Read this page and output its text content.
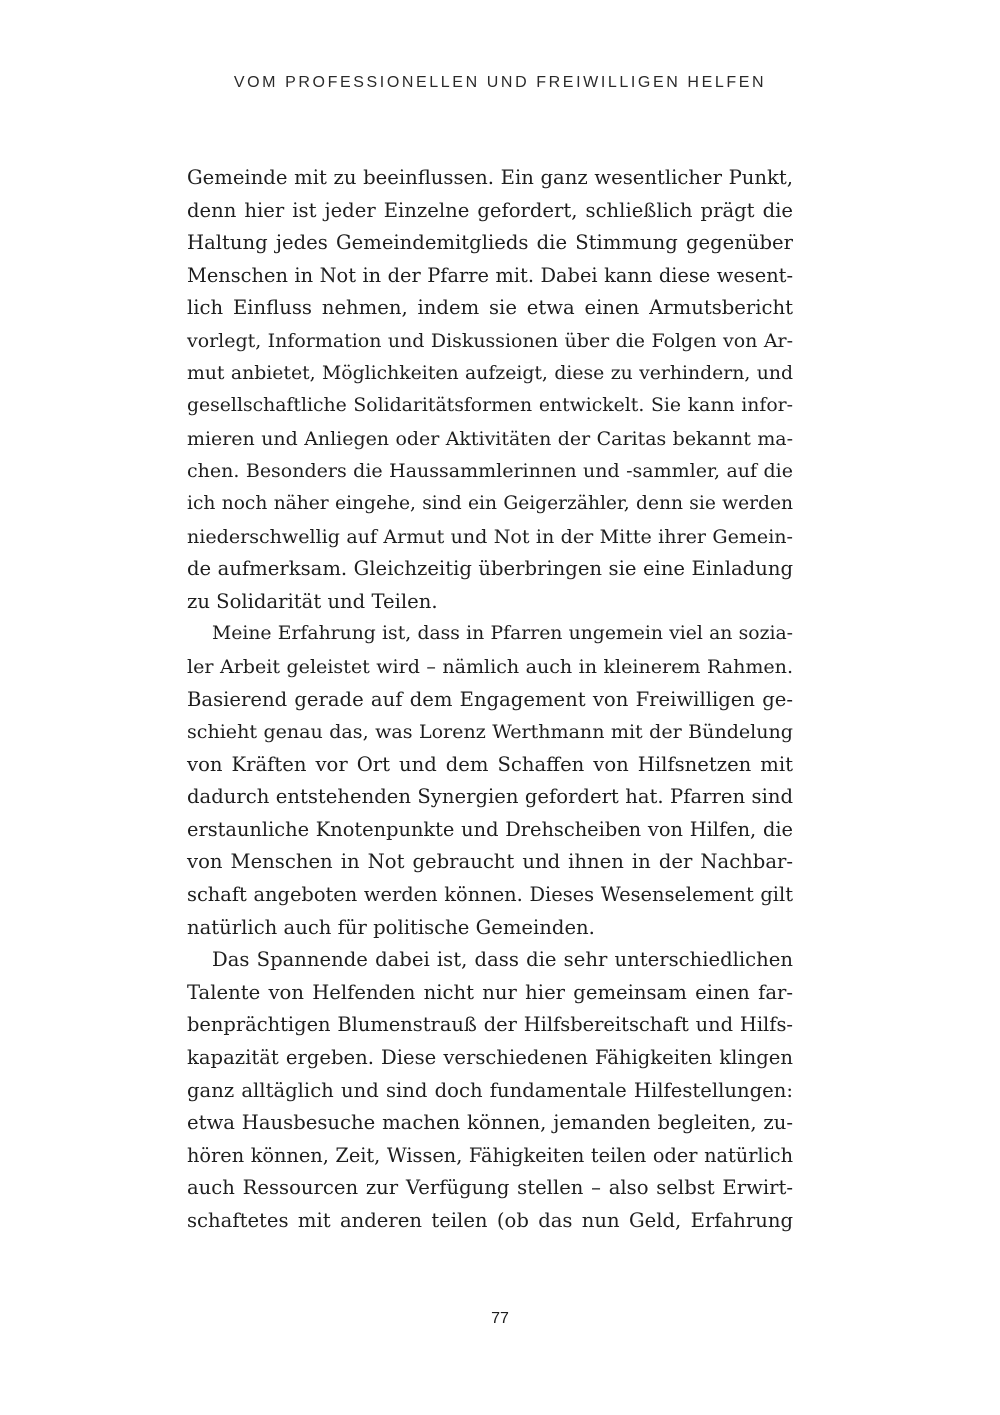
VOM PROFESSIONELLEN UND FREIWILLIGEN HELFEN
Gemeinde mit zu beeinflussen. Ein ganz wesentlicher Punkt,
denn hier ist jeder Einzelne gefordert, schließlich prägt die
Haltung jedes Gemeindemitglieds die Stimmung gegenüber
Menschen in Not in der Pfarre mit. Dabei kann diese wesent-
lich Einfluss nehmen, indem sie etwa einen Armutsbericht
vorlegt, Information und Diskussionen über die Folgen von Ar-
mut anbietet, Möglichkeiten aufzeigt, diese zu verhindern, und
gesellschaftliche Solidaritätsformen entwickelt. Sie kann infor-
mieren und Anliegen oder Aktivitäten der Caritas bekannt ma-
chen. Besonders die Haussammlerinnen und -sammler, auf die
ich noch näher eingehe, sind ein Geigerzähler, denn sie werden
niederschwellig auf Armut und Not in der Mitte ihrer Gemein-
de aufmerksam. Gleichzeitig überbringen sie eine Einladung
zu Solidarität und Teilen.
Meine Erfahrung ist, dass in Pfarren ungemein viel an sozia-
ler Arbeit geleistet wird – nämlich auch in kleinerem Rahmen.
Basierend gerade auf dem Engagement von Freiwilligen ge-
schieht genau das, was Lorenz Werthmann mit der Bündelung
von Kräften vor Ort und dem Schaffen von Hilfsnetzen mit
dadurch entstehenden Synergien gefordert hat. Pfarren sind
erstaunliche Knotenpunkte und Drehscheiben von Hilfen, die
von Menschen in Not gebraucht und ihnen in der Nachbar-
schaft angeboten werden können. Dieses Wesenselement gilt
natürlich auch für politische Gemeinden.
Das Spannende dabei ist, dass die sehr unterschiedlichen
Talente von Helfenden nicht nur hier gemeinsam einen far-
benprächtigen Blumenstrauß der Hilfsbereitschaft und Hilfs-
kapazität ergeben. Diese verschiedenen Fähigkeiten klingen
ganz alltäglich und sind doch fundamentale Hilfestellungen:
etwa Hausbesuche machen können, jemanden begleiten, zu-
hören können, Zeit, Wissen, Fähigkeiten teilen oder natürlich
auch Ressourcen zur Verfügung stellen – also selbst Erwirt-
schaftetes mit anderen teilen (ob das nun Geld, Erfahrung
77
